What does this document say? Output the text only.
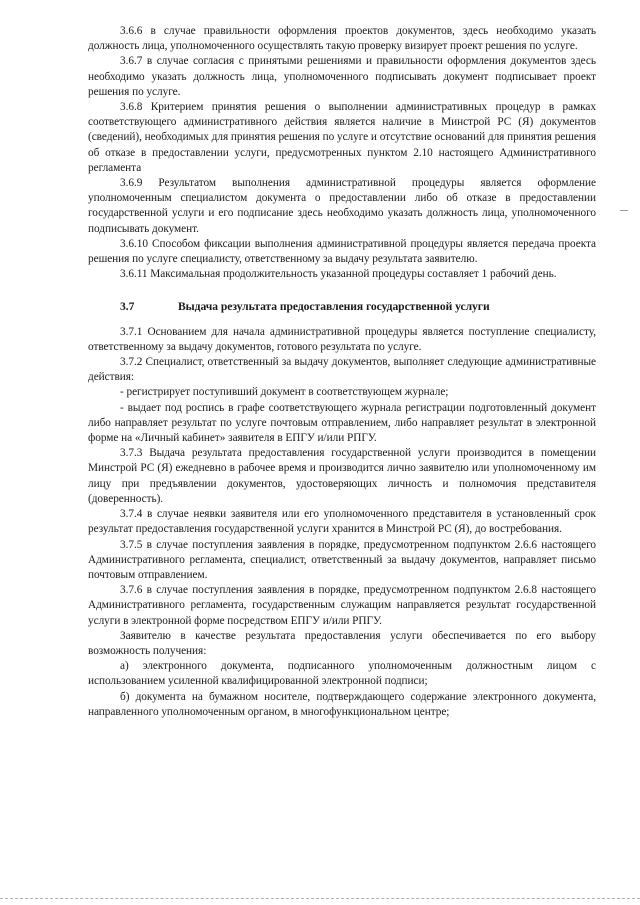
3.6.6 в случае правильности оформления проектов документов, здесь необходимо указать должность лица, уполномоченного осуществлять такую проверку визирует проект решения по услуге.

3.6.7 в случае согласия с принятыми решениями и правильности оформления документов здесь необходимо указать должность лица, уполномоченного подписывать документ подписывает проект решения по услуге.

3.6.8 Критерием принятия решения о выполнении административных процедур в рамках соответствующего административного действия является наличие в Минстрой РС (Я) документов (сведений), необходимых для принятия решения по услуге и отсутствие оснований для принятия решения об отказе в предоставлении услуги, предусмотренных пунктом 2.10 настоящего Административного регламента

3.6.9 Результатом выполнения административной процедуры является оформление уполномоченным специалистом документа о предоставлении либо об отказе в предоставлении государственной услуги и его подписание здесь необходимо указать должность лица, уполномоченного подписывать документ.

3.6.10 Способом фиксации выполнения административной процедуры является передача проекта решения по услуге специалисту, ответственному за выдачу результата заявителю.

3.6.11 Максимальная продолжительность указанной процедуры составляет 1 рабочий день.

3.7	Выдача результата предоставления государственной услуги

3.7.1 Основанием для начала административной процедуры является поступление специалисту, ответственному за выдачу документов, готового результата по услуге.

3.7.2 Специалист, ответственный за выдачу документов, выполняет следующие административные действия:

- регистрирует поступивший документ в соответствующем журнале;

- выдает под роспись в графе соответствующего журнала регистрации подготовленный документ либо направляет результат по услуге почтовым отправлением, либо направляет результат в электронной форме на «Личный кабинет» заявителя в ЕПГУ и/или РПГУ.

3.7.3 Выдача результата предоставления государственной услуги производится в помещении Минстрой РС (Я) ежедневно в рабочее время и производится лично заявителю или уполномоченному им лицу при предъявлении документов, удостоверяющих личность и полномочия представителя (доверенность).

3.7.4 в случае неявки заявителя или его уполномоченного представителя в установленный срок результат предоставления государственной услуги хранится в Минстрой РС (Я), до востребования.

3.7.5 в случае поступления заявления в порядке, предусмотренном подпунктом 2.6.6 настоящего Административного регламента, специалист, ответственный за выдачу документов, направляет письмо почтовым отправлением.

3.7.6 в случае поступления заявления в порядке, предусмотренном подпунктом 2.6.8 настоящего Административного регламента, государственным служащим направляется результат государственной услуги в электронной форме посредством ЕПГУ и/или РПГУ.

Заявителю в качестве результата предоставления услуги обеспечивается по его выбору возможность получения:

а) электронного документа, подписанного уполномоченным должностным лицом с использованием усиленной квалифицированной электронной подписи;

б) документа на бумажном носителе, подтверждающего содержание электронного документа, направленного уполномоченным органом, в многофункциональном центре;
